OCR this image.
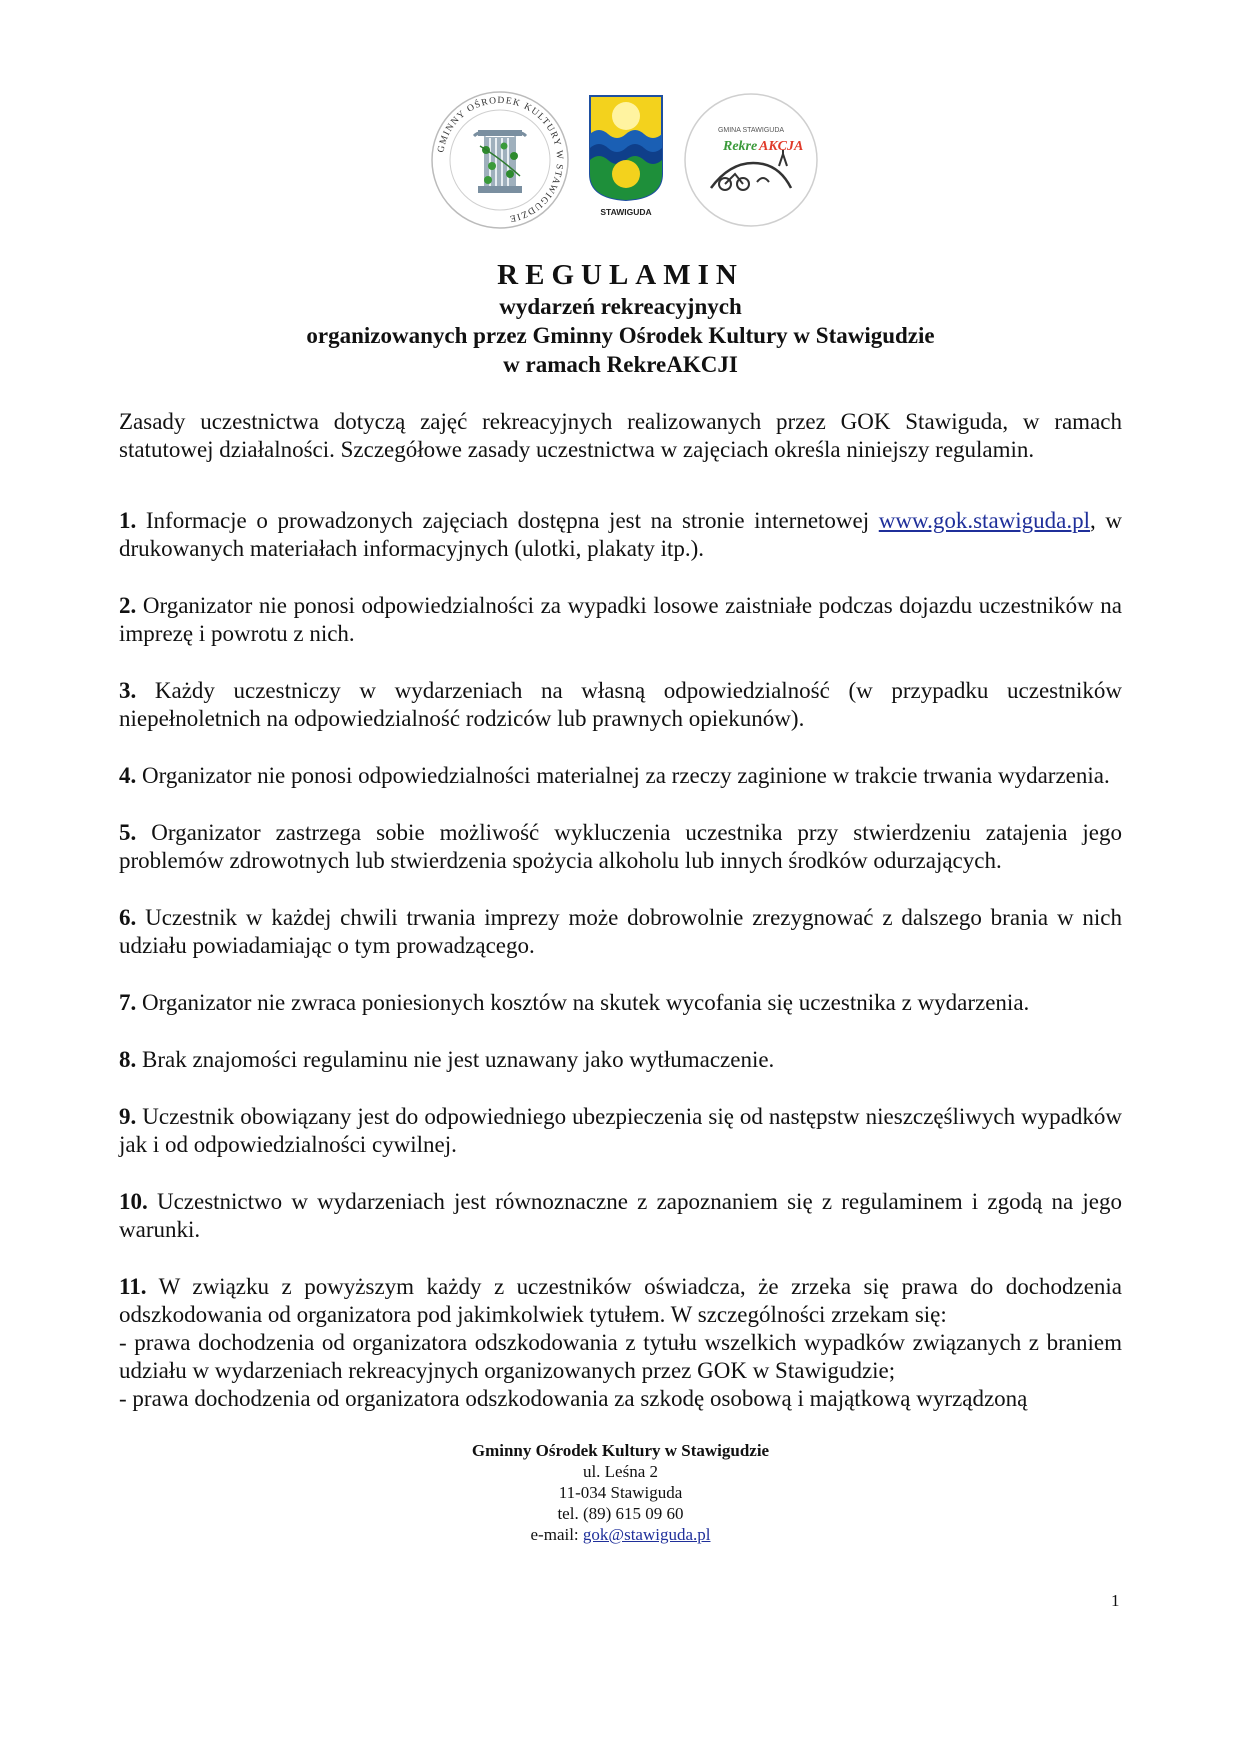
GMINNY OŚRODEK KULTURY W STAWIGUDZIE
STAWIGUDA
GMINA STAWIGUDA
Rekre AKCJA
REGULAMIN
wydarzeń rekreacyjnych
organizowanych przez Gminny Ośrodek Kultury w Stawigudzie
w ramach RekreAKCJI

Zasady uczestnictwa dotyczą zajęć rekreacyjnych realizowanych przez GOK Stawiguda, w ramach statutowej działalności. Szczegółowe zasady uczestnictwa w zajęciach określa niniejszy regulamin.

1. Informacje o prowadzonych zajęciach dostępna jest na stronie internetowej www.gok.stawiguda.pl, w drukowanych materiałach informacyjnych (ulotki, plakaty itp.).

2. Organizator nie ponosi odpowiedzialności za wypadki losowe zaistniałe podczas dojazdu uczestników na imprezę i powrotu z nich.

3. Każdy uczestniczy w wydarzeniach na własną odpowiedzialność (w przypadku uczestników niepełnoletnich na odpowiedzialność rodziców lub prawnych opiekunów).

4. Organizator nie ponosi odpowiedzialności materialnej za rzeczy zaginione w trakcie trwania wydarzenia.

5. Organizator zastrzega sobie możliwość wykluczenia uczestnika przy stwierdzeniu zatajenia jego problemów zdrowotnych lub stwierdzenia spożycia alkoholu lub innych środków odurzających.

6. Uczestnik w każdej chwili trwania imprezy może dobrowolnie zrezygnować z dalszego brania w nich udziału powiadamiając o tym prowadzącego.

7. Organizator nie zwraca poniesionych kosztów na skutek wycofania się uczestnika z wydarzenia.

8. Brak znajomości regulaminu nie jest uznawany jako wytłumaczenie.

9. Uczestnik obowiązany jest do odpowiedniego ubezpieczenia się od następstw nieszczęśliwych wypadków jak i od odpowiedzialności cywilnej.

10. Uczestnictwo w wydarzeniach jest równoznaczne z zapoznaniem się z regulaminem i zgodą na jego warunki.

11. W związku z powyższym każdy z uczestników oświadcza, że zrzeka się prawa do dochodzenia odszkodowania od organizatora pod jakimkolwiek tytułem. W szczególności zrzekam się:

- prawa dochodzenia od organizatora odszkodowania z tytułu wszelkich wypadków związanych z braniem udziału w wydarzeniach rekreacyjnych organizowanych przez GOK w Stawigudzie;

- prawa dochodzenia od organizatora odszkodowania za szkodę osobową i majątkową wyrządzoną

Gminny Ośrodek Kultury w Stawigudzie
ul. Leśna 2
11-034 Stawiguda
tel. (89) 615 09 60
e-mail: gok@stawiguda.pl
1
